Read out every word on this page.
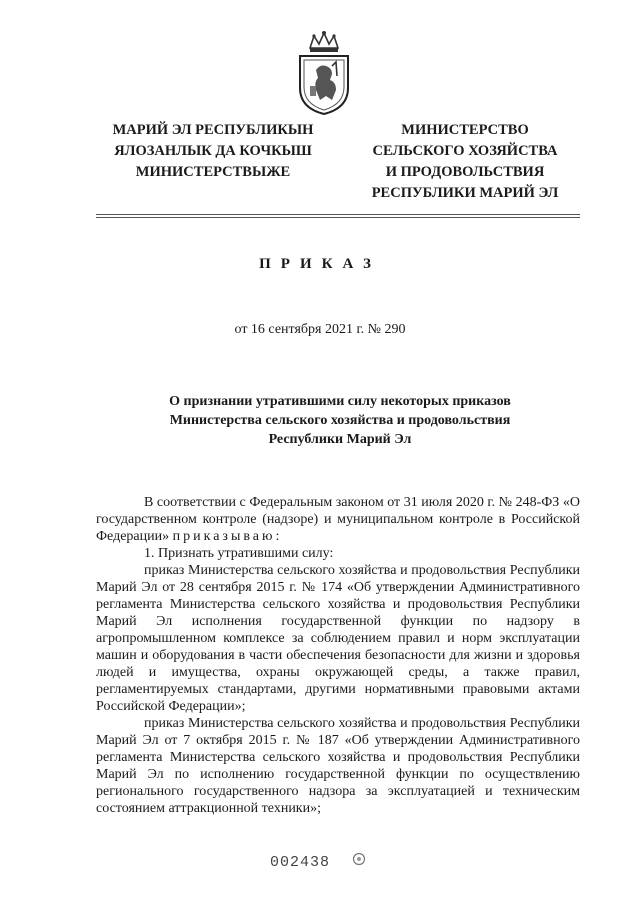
МАРИЙ ЭЛ РЕСПУБЛИКЫН
ЯЛОЗАНЛЫК ДА КОЧКЫШ
МИНИСТЕРСТВЫЖЕ
МИНИСТЕРСТВО
СЕЛЬСКОГО ХОЗЯЙСТВА
И ПРОДОВОЛЬСТВИЯ
РЕСПУБЛИКИ МАРИЙ ЭЛ
ПРИКАЗ
от 16 сентября 2021 г. № 290
О признании утратившими силу некоторых приказов
Министерства сельского хозяйства и продовольствия
Республики Марий Эл

В соответствии с Федеральным законом от 31 июля 2020 г. № 248-ФЗ «О государственном контроле (надзоре) и муниципальном контроле в Российской Федерации» приказываю:

1. Признать утратившими силу:

приказ Министерства сельского хозяйства и продовольствия Республики Марий Эл от 28 сентября 2015 г. № 174 «Об утверждении Административного регламента Министерства сельского хозяйства и продовольствия Республики Марий Эл исполнения государственной функции по надзору в агропромышленном комплексе за соблюдением правил и норм эксплуатации машин и оборудования в части обеспечения безопасности для жизни и здоровья людей и имущества, охраны окружающей среды, а также правил, регламентируемых стандартами, другими нормативными правовыми актами Российской Федерации»;

приказ Министерства сельского хозяйства и продовольствия Республики Марий Эл от 7 октября 2015 г. № 187 «Об утверждении Административного регламента Министерства сельского хозяйства и продовольствия Республики Марий Эл по исполнению государственной функции по осуществлению регионального государственного надзора за эксплуатацией и техническим состоянием аттракционной техники»;

002438
